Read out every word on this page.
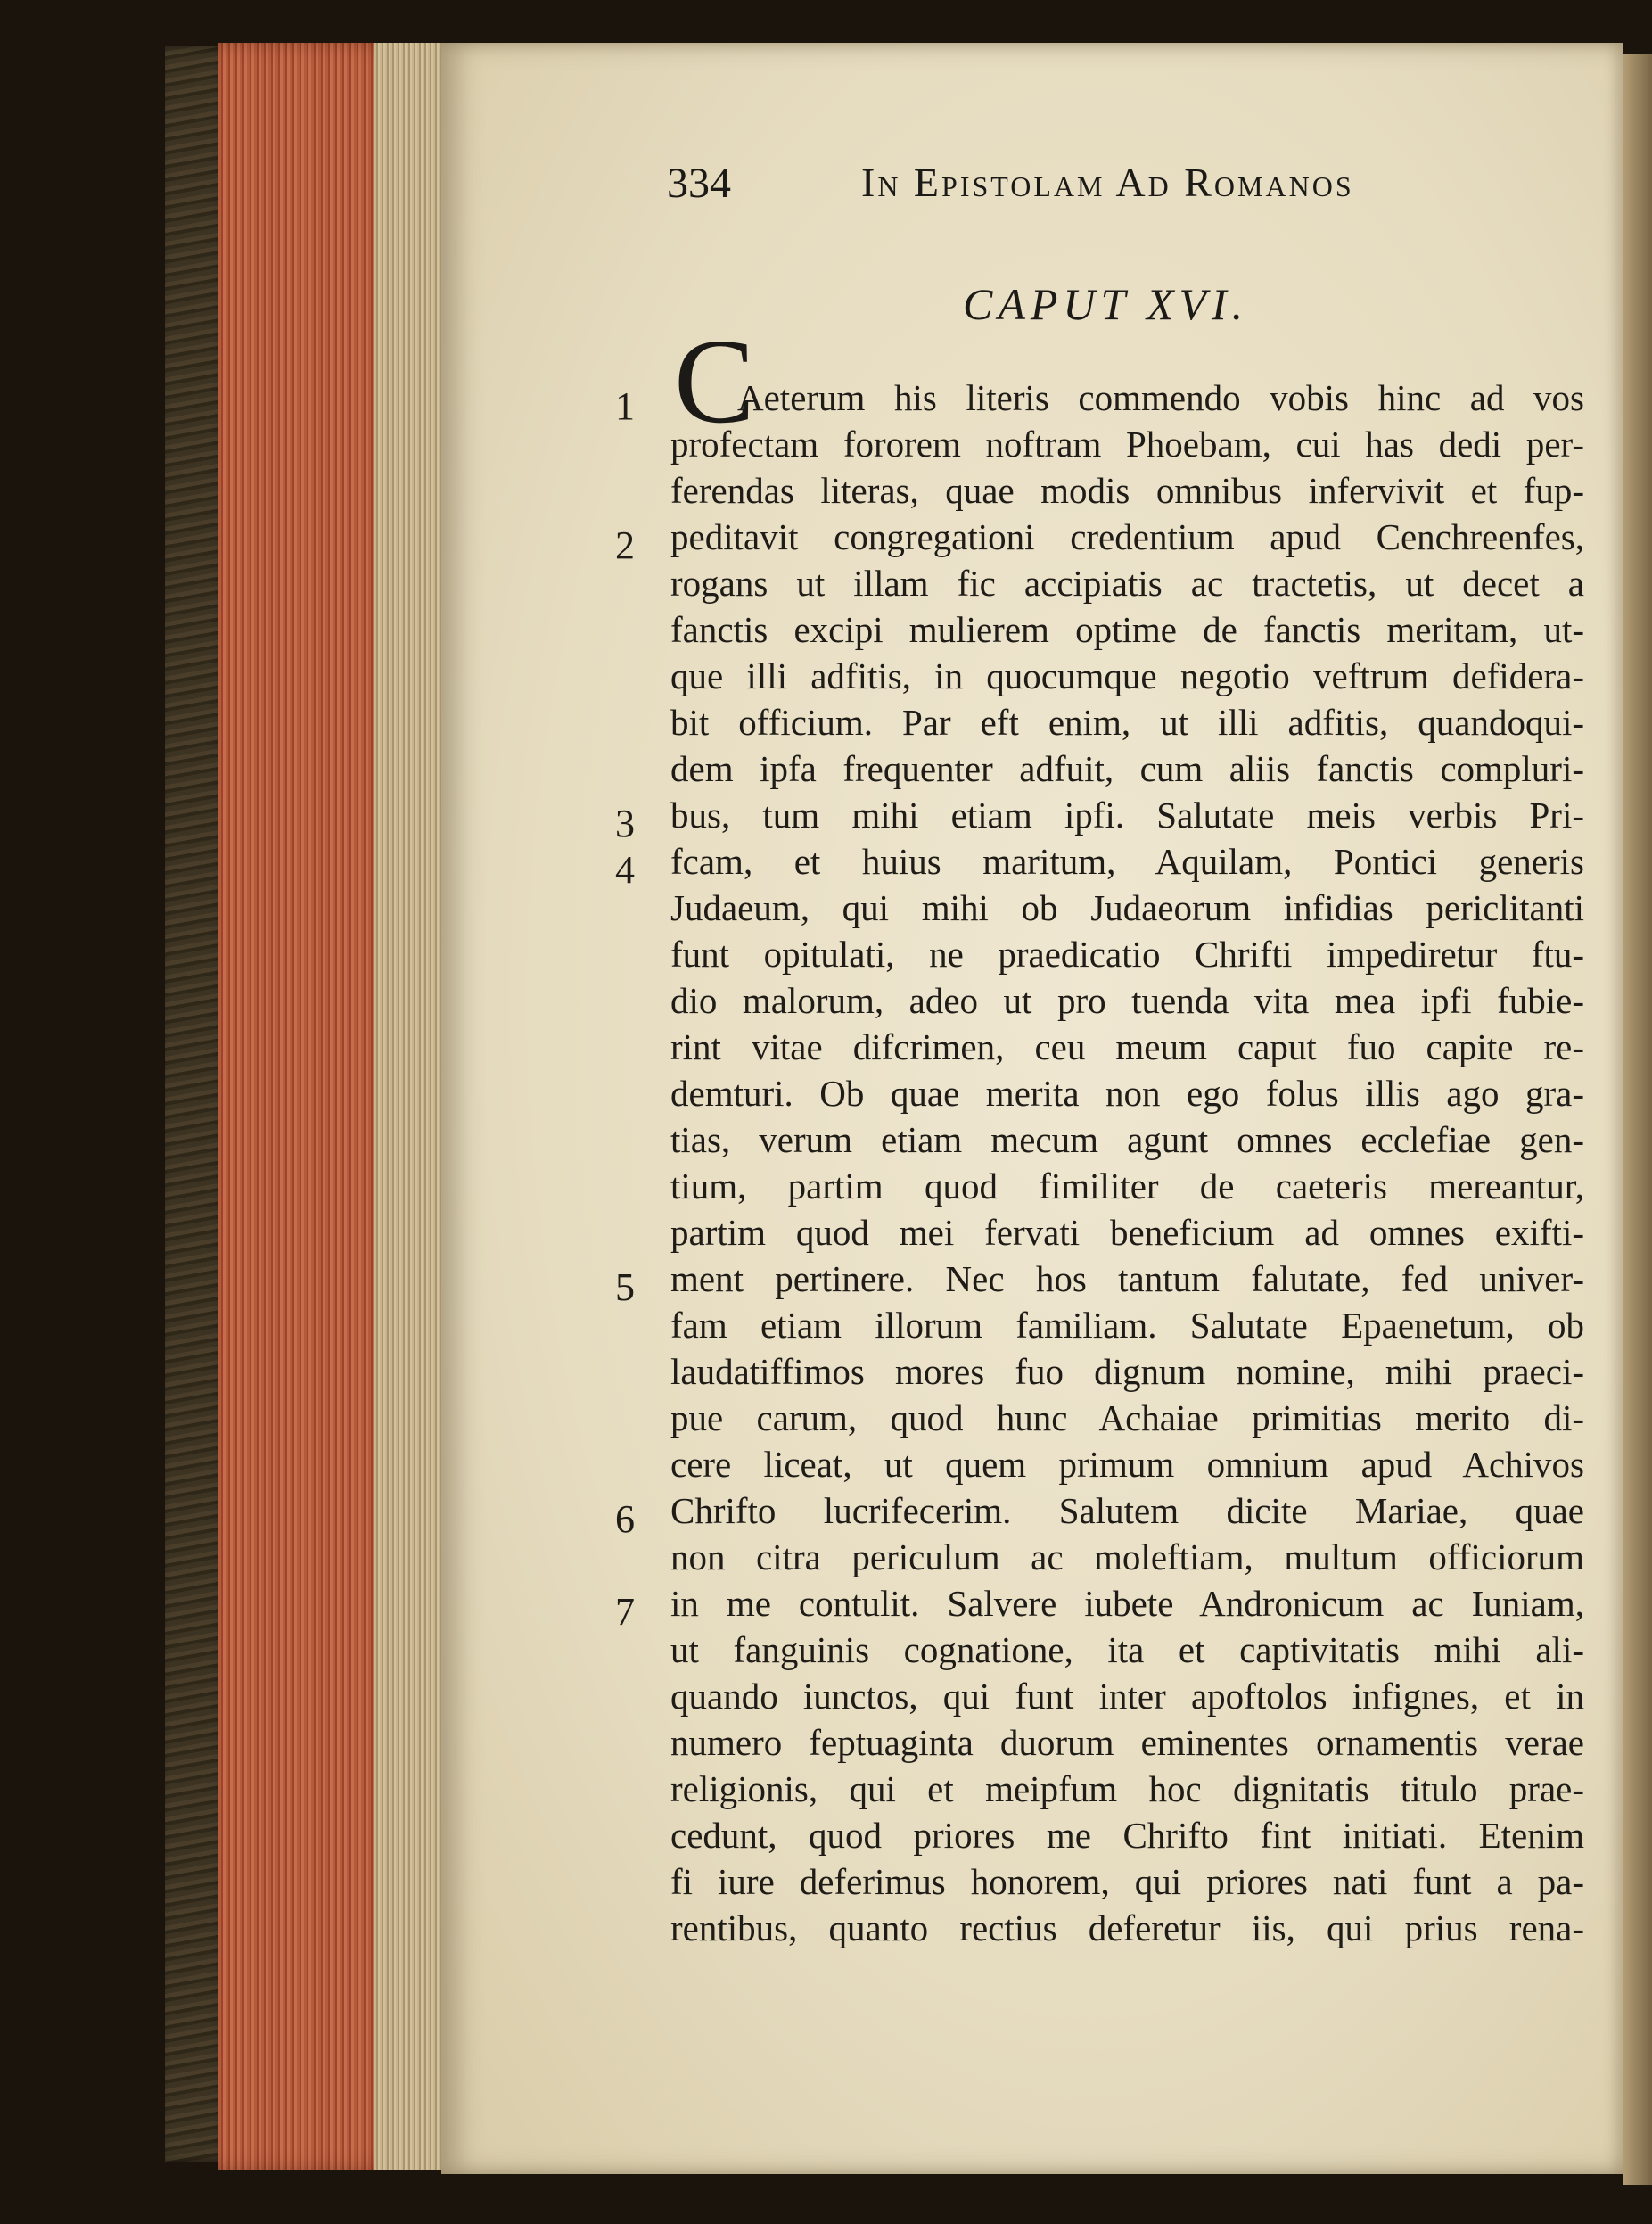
334	In Epistolam Ad Romanos
CAPUT XVI.
C
1
2
3
4
5
6
7
Aeterum his literis commendo vobis hinc ad vos
profectam fororem noftram Phoebam, cui has dedi per-
ferendas literas, quae modis omnibus infervivit et fup-
peditavit congregationi credentium apud Cenchreenfes,
rogans ut illam fic accipiatis ac tractetis, ut decet a
fanctis excipi mulierem optime de fanctis meritam, ut-
que illi adfitis, in quocumque negotio veftrum defidera-
bit officium. Par eft enim, ut illi adfitis, quandoqui-
dem ipfa frequenter adfuit, cum aliis fanctis compluri-
bus, tum mihi etiam ipfi. Salutate meis verbis Pri-
fcam, et huius maritum, Aquilam, Pontici generis
Judaeum, qui mihi ob Judaeorum infidias periclitanti
funt opitulati, ne praedicatio Chrifti impediretur ftu-
dio malorum, adeo ut pro tuenda vita mea ipfi fubie-
rint vitae difcrimen, ceu meum caput fuo capite re-
demturi. Ob quae merita non ego folus illis ago gra-
tias, verum etiam mecum agunt omnes ecclefiae gen-
tium, partim quod fimiliter de caeteris mereantur,
partim quod mei fervati beneficium ad omnes exifti-
ment pertinere. Nec hos tantum falutate, fed univer-
fam etiam illorum familiam. Salutate Epaenetum, ob
laudatiffimos mores fuo dignum nomine, mihi praeci-
pue carum, quod hunc Achaiae primitias merito di-
cere liceat, ut quem primum omnium apud Achivos
Chrifto lucrifecerim. Salutem dicite Mariae, quae
non citra periculum ac moleftiam, multum officiorum
in me contulit. Salvere iubete Andronicum ac Iuniam,
ut fanguinis cognatione, ita et captivitatis mihi ali-
quando iunctos, qui funt inter apoftolos infignes, et in
numero feptuaginta duorum eminentes ornamentis verae
religionis, qui et meipfum hoc dignitatis titulo prae-
cedunt, quod priores me Chrifto fint initiati. Etenim
fi iure deferimus honorem, qui priores nati funt a pa-
rentibus, quanto rectius deferetur iis, qui prius rena-
